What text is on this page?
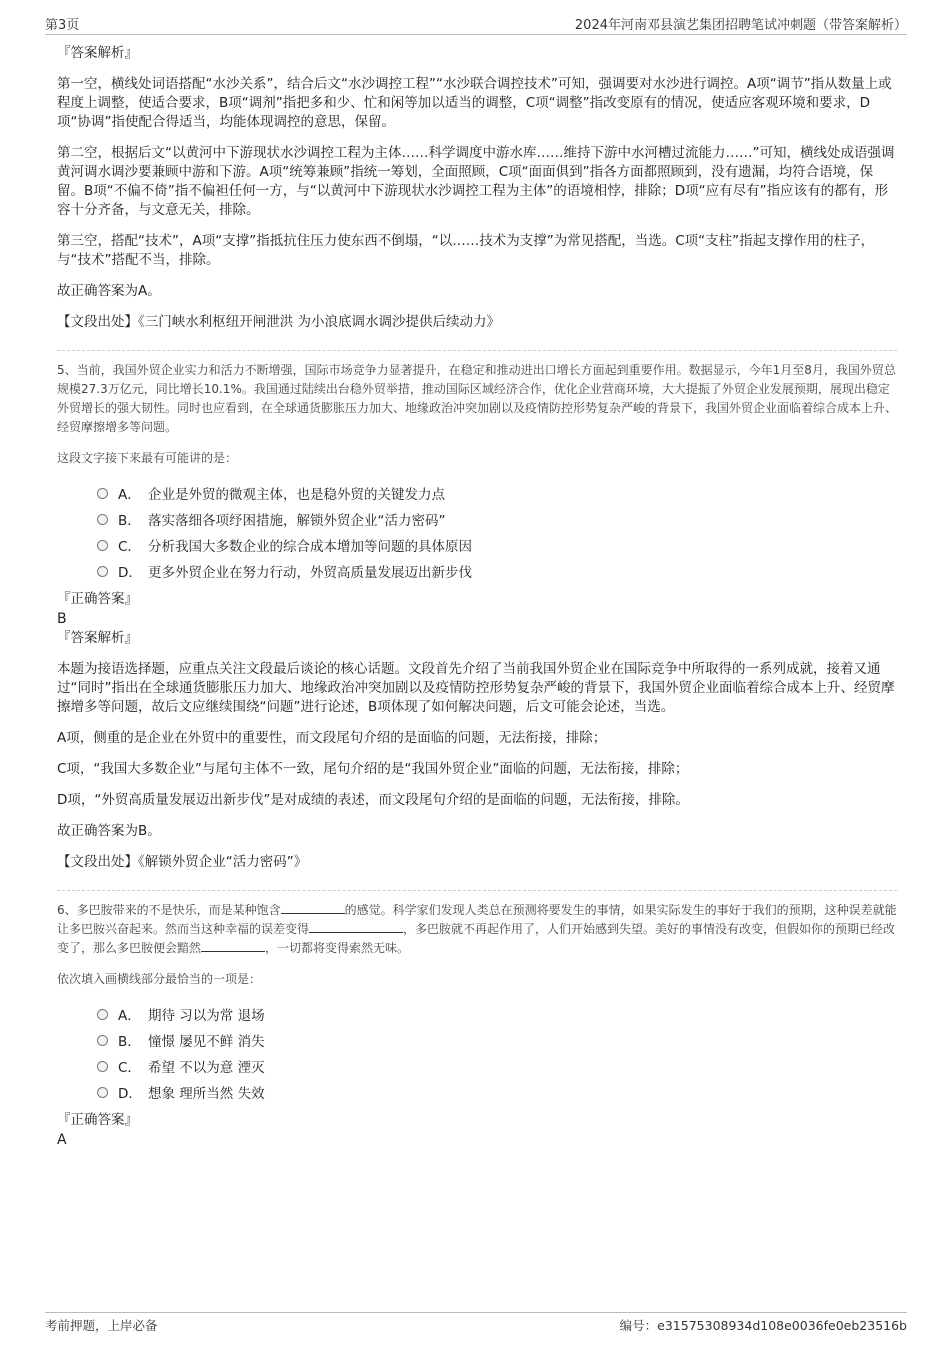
第3页	2024年河南邓县演艺集团招聘笔试冲刺题（带答案解析）

『答案解析』

第一空，横线处词语搭配“水沙关系”，结合后文“水沙调控工程”“水沙联合调控技术”可知，强调要对水沙进行调控。A项“调节”指从数量上或程度上调整，使适合要求，B项“调剂”指把多和少、忙和闲等加以适当的调整，C项“调整”指改变原有的情况，使适应客观环境和要求，D项“协调”指使配合得适当，均能体现调控的意思，保留。

第二空，根据后文“以黄河中下游现状水沙调控工程为主体……科学调度中游水库……维持下游中水河槽过流能力……”可知，横线处成语强调黄河调水调沙要兼顾中游和下游。A项“统筹兼顾”指统一筹划，全面照顾，C项“面面俱到”指各方面都照顾到，没有遗漏，均符合语境，保留。B项“不偏不倚”指不偏袒任何一方，与“以黄河中下游现状水沙调控工程为主体”的语境相悖，排除；D项“应有尽有”指应该有的都有，形容十分齐备，与文意无关，排除。

第三空，搭配“技术”，A项“支撑”指抵抗住压力使东西不倒塌，“以……技术为支撑”为常见搭配，当选。C项“支柱”指起支撑作用的柱子，与“技术”搭配不当，排除。

故正确答案为A。

【文段出处】《三门峡水利枢纽开闸泄洪 为小浪底调水调沙提供后续动力》

5、当前，我国外贸企业实力和活力不断增强，国际市场竞争力显著提升，在稳定和推动进出口增长方面起到重要作用。数据显示，今年1月至8月，我国外贸总规模27.3万亿元，同比增长10.1%。我国通过陆续出台稳外贸举措，推动国际区域经济合作，优化企业营商环境，大大提振了外贸企业发展预期，展现出稳定外贸增长的强大韧性。同时也应看到，在全球通货膨胀压力加大、地缘政治冲突加剧以及疫情防控形势复杂严峻的背景下，我国外贸企业面临着综合成本上升、经贸摩擦增多等问题。

这段文字接下来最有可能讲的是：

A． 企业是外贸的微观主体，也是稳外贸的关键发力点
B． 落实落细各项纾困措施，解锁外贸企业“活力密码”
C． 分析我国大多数企业的综合成本增加等问题的具体原因
D． 更多外贸企业在努力行动，外贸高质量发展迈出新步伐

『正确答案』

B

『答案解析』

本题为接语选择题，应重点关注文段最后谈论的核心话题。文段首先介绍了当前我国外贸企业在国际竞争中所取得的一系列成就，接着又通过“同时”指出在全球通货膨胀压力加大、地缘政治冲突加剧以及疫情防控形势复杂严峻的背景下，我国外贸企业面临着综合成本上升、经贸摩擦增多等问题，故后文应继续围绕“问题”进行论述，B项体现了如何解决问题，后文可能会论述，当选。

A项，侧重的是企业在外贸中的重要性，而文段尾句介绍的是面临的问题，无法衔接，排除；

C项，“我国大多数企业”与尾句主体不一致，尾句介绍的是“我国外贸企业”面临的问题，无法衔接，排除；

D项，“外贸高质量发展迈出新步伐”是对成绩的表述，而文段尾句介绍的是面临的问题，无法衔接，排除。

故正确答案为B。

【文段出处】《解锁外贸企业“活力密码”》

6、多巴胺带来的不是快乐，而是某种饱含	的感觉。科学家们发现人类总在预测将要发生的事情，如果实际发生的事好于我们的预期，这种误差就能让多巴胺兴奋起来。然而当这种幸福的误差变得	，多巴胺就不再起作用了，人们开始感到失望。美好的事情没有改变，但假如你的预期已经改变了，那么多巴胺便会黯然	，一切都将变得索然无味。

依次填入画横线部分最恰当的一项是：

A． 期待 习以为常 退场
B． 憧憬 屡见不鲜 消失
C． 希望 不以为意 湮灭
D． 想象 理所当然 失效

『正确答案』

A

考前押题，上岸必备	编号：e31575308934d108e0036fe0eb23516b
